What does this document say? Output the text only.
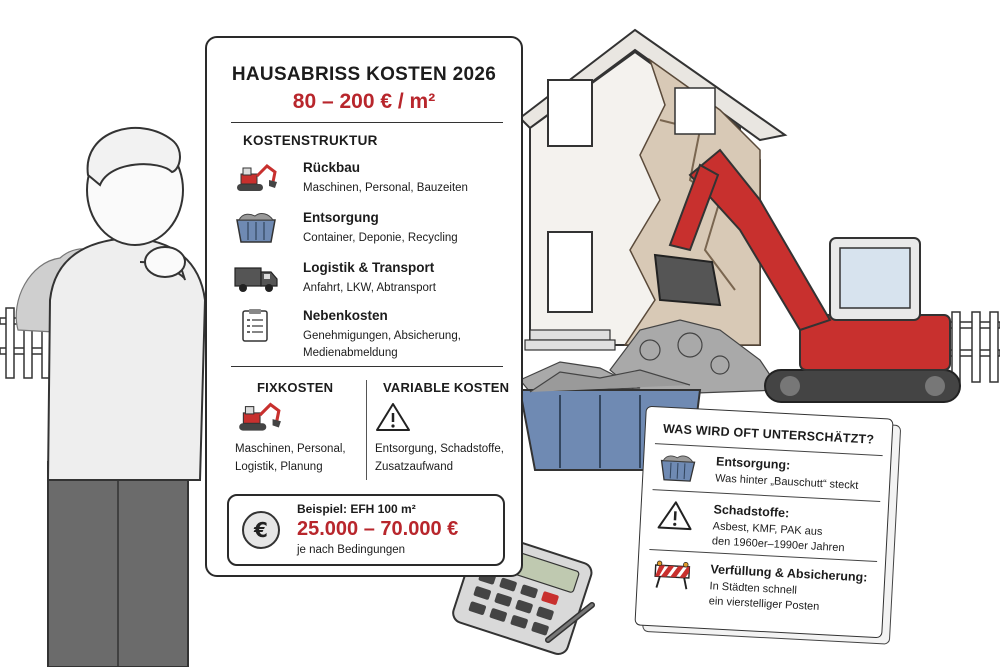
HAUSABRISS KOSTEN 2026
80 – 200 € / m²
KOSTENSTRUKTUR
Rückbau
Maschinen, Personal, Bauzeiten
Entsorgung
Container, Deponie, Recycling
Logistik & Transport
Anfahrt, LKW, Abtransport
Nebenkosten
Genehmigungen, Absicherung,
Medienabmeldung
FIXKOSTEN
Maschinen, Personal,
Logistik, Planung
VARIABLE KOSTEN
Entsorgung, Schadstoffe,
Zusatzaufwand
€
Beispiel: EFH 100 m²
25.000 – 70.000 €
je nach Bedingungen
WAS WIRD OFT UNTERSCHÄTZT?
Entsorgung:
Was hinter „Bauschutt“ steckt
Schadstoffe:
Asbest, KMF, PAK aus
den 1960er–1990er Jahren
Verfüllung & Absicherung:
In Städten schnell
ein vierstelliger Posten
